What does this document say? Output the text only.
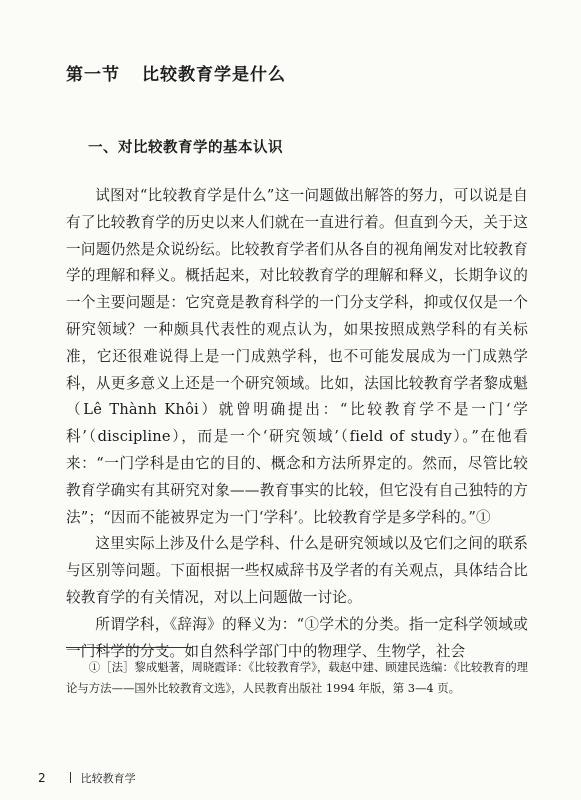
第一节 比较教育学是什么
一、对比较教育学的基本认识

试图对“比较教育学是什么”这一问题做出解答的努力，可以说是自有了比较教育学的历史以来人们就在一直进行着。但直到今天，关于这一问题仍然是众说纷纭。比较教育学者们从各自的视角阐发对比较教育学的理解和释义。概括起来，对比较教育学的理解和释义，长期争议的一个主要问题是：它究竟是教育科学的一门分支学科，抑或仅仅是一个研究领域？一种颇具代表性的观点认为，如果按照成熟学科的有关标准，它还很难说得上是一门成熟学科，也不可能发展成为一门成熟学科，从更多意义上还是一个研究领域。比如，法国比较教育学者黎成魁（Lê Thành Khôi）就曾明确提出：“比较教育学不是一门‘学科’（discipline），而是一个‘研究领域’（field of study）。”在他看来：“一门学科是由它的目的、概念和方法所界定的。然而，尽管比较教育学确实有其研究对象——教育事实的比较，但它没有自己独特的方法”；“因而不能被界定为一门‘学科’。比较教育学是多学科的。”①

这里实际上涉及什么是学科、什么是研究领域以及它们之间的联系与区别等问题。下面根据一些权威辞书及学者的有关观点，具体结合比较教育学的有关情况，对以上问题做一讨论。

所谓学科，《辞海》的释义为：“①学术的分类。指一定科学领域或一门科学的分支。如自然科学部门中的物理学、生物学，社会

①［法］黎成魁著，周晓霞译：《比较教育学》，载赵中建、顾建民选编：《比较教育的理论与方法——国外比较教育文选》，人民教育出版社 1994 年版，第 3—4 页。

2	比较教育学
